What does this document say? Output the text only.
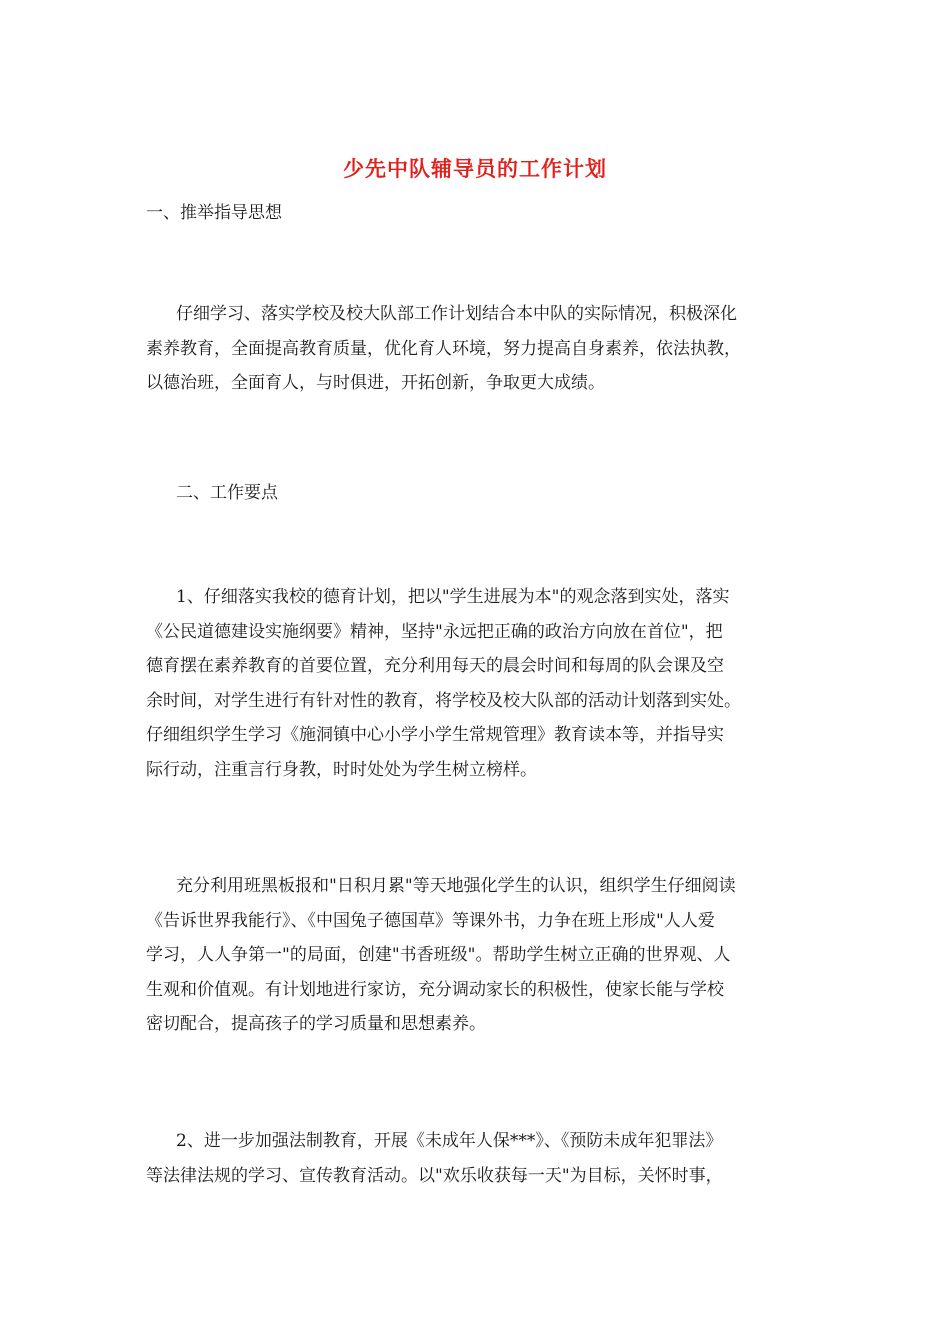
少先中队辅导员的工作计划

一、推举指导思想

仔细学习、落实学校及校大队部工作计划结合本中队的实际情况，积极深化
素养教育，全面提高教育质量，优化育人环境，努力提高自身素养，依法执教，
以德治班，全面育人，与时俱进，开拓创新，争取更大成绩。

二、工作要点

1、仔细落实我校的德育计划，把以"学生进展为本"的观念落到实处，落实
《公民道德建设实施纲要》精神，坚持"永远把正确的政治方向放在首位"，把
德育摆在素养教育的首要位置，充分利用每天的晨会时间和每周的队会课及空
余时间，对学生进行有针对性的教育，将学校及校大队部的活动计划落到实处。
仔细组织学生学习《施洞镇中心小学小学生常规管理》教育读本等，并指导实
际行动，注重言行身教，时时处处为学生树立榜样。
充分利用班黑板报和"日积月累"等天地强化学生的认识，组织学生仔细阅读
《告诉世界我能行》、《中国兔子德国草》等课外书，力争在班上形成"人人爱
学习，人人争第一"的局面，创建"书香班级"。帮助学生树立正确的世界观、人
生观和价值观。有计划地进行家访，充分调动家长的积极性，使家长能与学校
密切配合，提高孩子的学习质量和思想素养。
2、进一步加强法制教育，开展《未成年人保***》、《预防未成年犯罪法》
等法律法规的学习、宣传教育活动。以"欢乐收获每一天"为目标，关怀时事，
